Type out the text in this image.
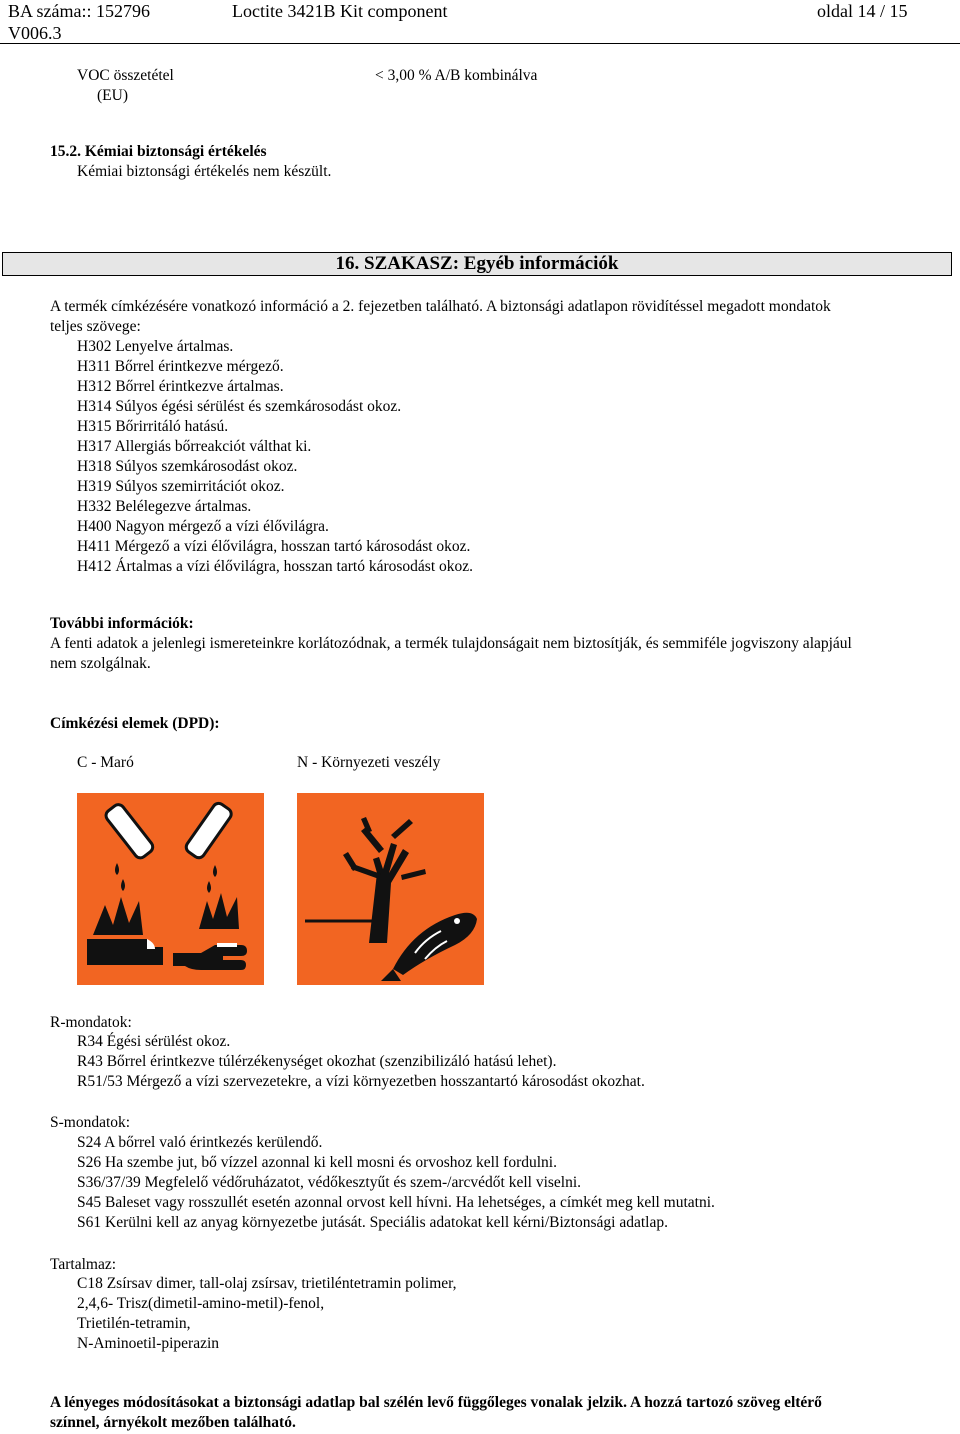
BA száma:: 152796
V006.3
Loctite 3421B Kit component	oldal 14 / 15
VOC összetétel
(EU)
< 3,00 % A/B kombinálva
15.2. Kémiai biztonsági értékelés
Kémiai biztonsági értékelés nem készült.
16. SZAKASZ: Egyéb információk
A termék címkézésére vonatkozó információ a 2. fejezetben található. A biztonsági adatlapon rövidítéssel megadott mondatok
teljes szövege:
H302 Lenyelve ártalmas.
H311 Bőrrel érintkezve mérgező.
H312 Bőrrel érintkezve ártalmas.
H314 Súlyos égési sérülést és szemkárosodást okoz.
H315 Bőrirritáló hatású.
H317 Allergiás bőrreakciót válthat ki.
H318 Súlyos szemkárosodást okoz.
H319 Súlyos szemirritációt okoz.
H332 Belélegezve ártalmas.
H400 Nagyon mérgező a vízi élővilágra.
H411 Mérgező a vízi élővilágra, hosszan tartó károsodást okoz.
H412 Ártalmas a vízi élővilágra, hosszan tartó károsodást okoz.
További információk:
A fenti adatok a jelenlegi ismereteinkre korlátozódnak, a termék tulajdonságait nem biztosítják, és semmiféle jogviszony alapjául
nem szolgálnak.
Címkézési elemek (DPD):
C - Maró	N - Környezeti veszély
R-mondatok:
R34 Égési sérülést okoz.
R43 Bőrrel érintkezve túlérzékenységet okozhat (szenzibilizáló hatású lehet).
R51/53 Mérgező a vízi szervezetekre, a vízi környezetben hosszantartó károsodást okozhat.
S-mondatok:
S24 A bőrrel való érintkezés kerülendő.
S26 Ha szembe jut, bő vízzel azonnal ki kell mosni és orvoshoz kell fordulni.
S36/37/39 Megfelelő védőruházatot, védőkesztyűt és szem-/arcvédőt kell viselni.
S45 Baleset vagy rosszullét esetén azonnal orvost kell hívni. Ha lehetséges, a címkét meg kell mutatni.
S61 Kerülni kell az anyag környezetbe jutását. Speciális adatokat kell kérni/Biztonsági adatlap.
Tartalmaz:
C18 Zsírsav dimer, tall-olaj zsírsav, trietiléntetramin polimer,
2,4,6- Trisz(dimetil-amino-metil)-fenol,
Trietilén-tetramin,
N-Aminoetil-piperazin
A lényeges módosításokat a biztonsági adatlap bal szélén levő függőleges vonalak jelzik. A hozzá tartozó szöveg eltérő
színnel, árnyékolt mezőben található.
